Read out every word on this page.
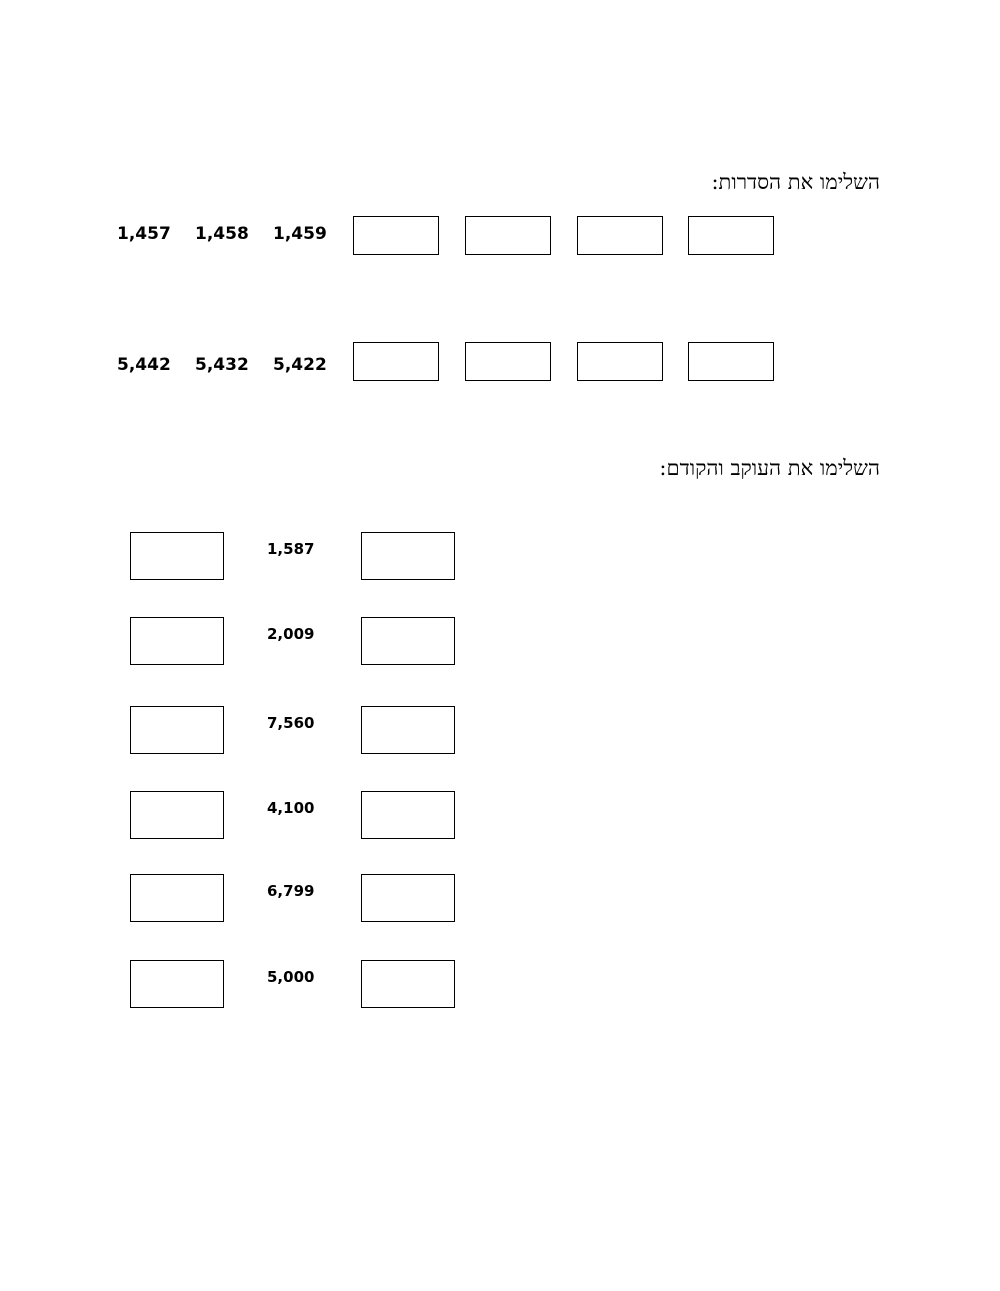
השלימו את הסדרות:
1,457 1,458 1,459
5,442 5,432 5,422
השלימו את העוקב והקודם:
1,587
2,009
7,560
4,100
6,799
5,000
